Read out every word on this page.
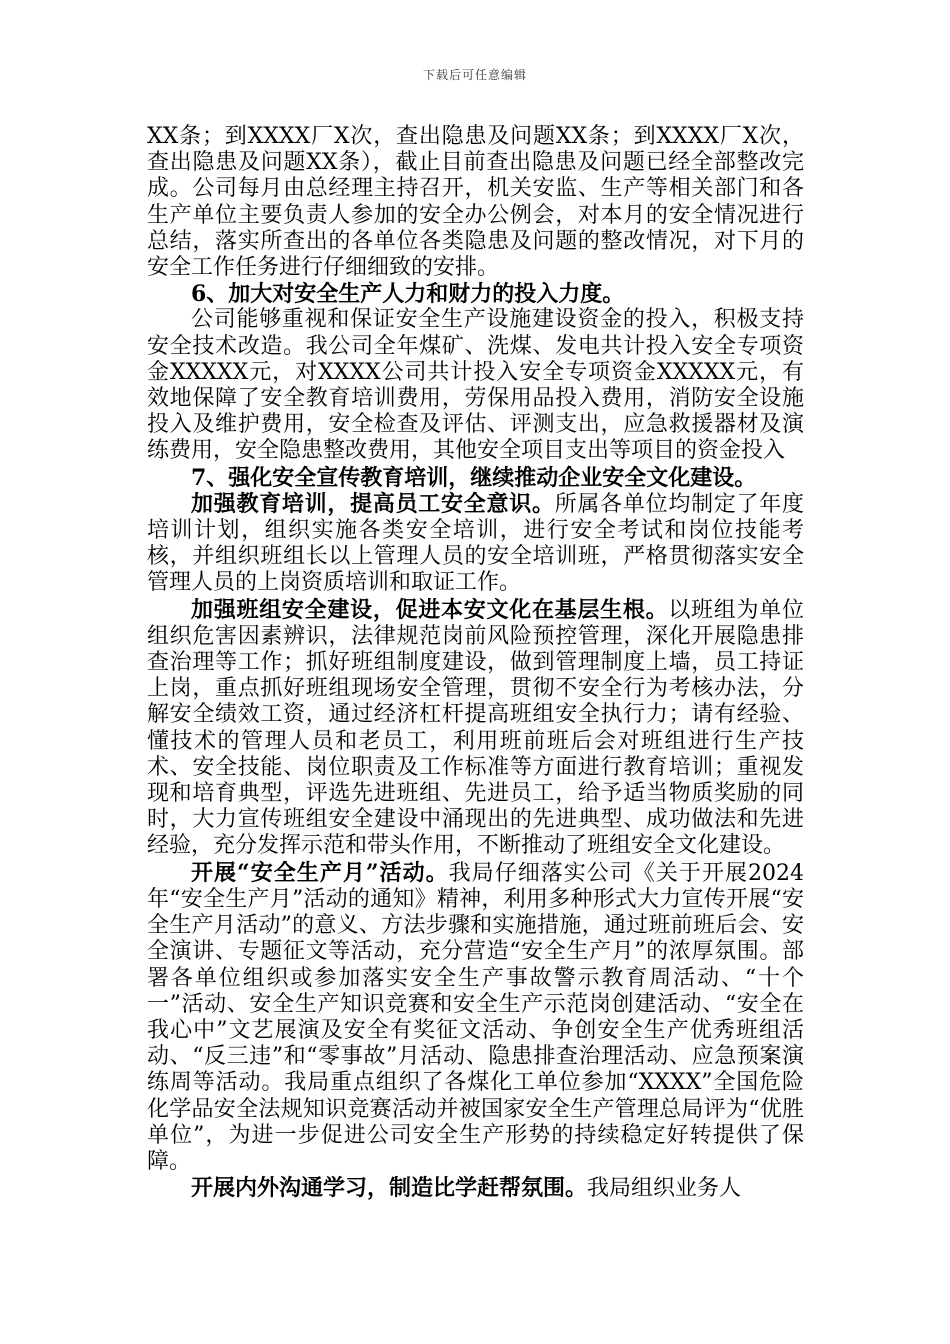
下载后可任意编辑

XX条；到XXXX厂X次，查出隐患及问题XX条；到XXXX厂X次，查出隐患及问题XX条），截止目前查出隐患及问题已经全部整改完成。公司每月由总经理主持召开，机关安监、生产等相关部门和各生产单位主要负责人参加的安全办公例会，对本月的安全情况进行总结，落实所查出的各单位各类隐患及问题的整改情况，对下月的安全工作任务进行仔细细致的安排。

6、加大对安全生产人力和财力的投入力度。

公司能够重视和保证安全生产设施建设资金的投入，积极支持安全技术改造。我公司全年煤矿、洗煤、发电共计投入安全专项资金XXXXX元，对XXXX公司共计投入安全专项资金XXXXX元，有效地保障了安全教育培训费用，劳保用品投入费用，消防安全设施投入及维护费用，安全检查及评估、评测支出，应急救援器材及演练费用，安全隐患整改费用，其他安全项目支出等项目的资金投入

7、强化安全宣传教育培训，继续推动企业安全文化建设。

加强教育培训，提高员工安全意识。所属各单位均制定了年度培训计划，组织实施各类安全培训，进行安全考试和岗位技能考核，并组织班组长以上管理人员的安全培训班，严格贯彻落实安全管理人员的上岗资质培训和取证工作。

加强班组安全建设，促进本安文化在基层生根。以班组为单位组织危害因素辨识，法律规范岗前风险预控管理，深化开展隐患排查治理等工作；抓好班组制度建设，做到管理制度上墙，员工持证上岗，重点抓好班组现场安全管理，贯彻不安全行为考核办法，分解安全绩效工资，通过经济杠杆提高班组安全执行力；请有经验、懂技术的管理人员和老员工，利用班前班后会对班组进行生产技术、安全技能、岗位职责及工作标准等方面进行教育培训；重视发现和培育典型，评选先进班组、先进员工，给予适当物质奖励的同时，大力宣传班组安全建设中涌现出的先进典型、成功做法和先进经验，充分发挥示范和带头作用，不断推动了班组安全文化建设。

开展“安全生产月”活动。我局仔细落实公司《关于开展2024年“安全生产月”活动的通知》精神，利用多种形式大力宣传开展“安全生产月活动”的意义、方法步骤和实施措施，通过班前班后会、安全演讲、专题征文等活动，充分营造“安全生产月”的浓厚氛围。部署各单位组织或参加落实安全生产事故警示教育周活动、“十个一”活动、安全生产知识竞赛和安全生产示范岗创建活动、“安全在我心中”文艺展演及安全有奖征文活动、争创安全生产优秀班组活动、“反三违”和“零事故”月活动、隐患排查治理活动、应急预案演练周等活动。我局重点组织了各煤化工单位参加“XXXX”全国危险化学品安全法规知识竞赛活动并被国家安全生产管理总局评为“优胜单位”，为进一步促进公司安全生产形势的持续稳定好转提供了保障。

开展内外沟通学习，制造比学赶帮氛围。我局组织业务人
